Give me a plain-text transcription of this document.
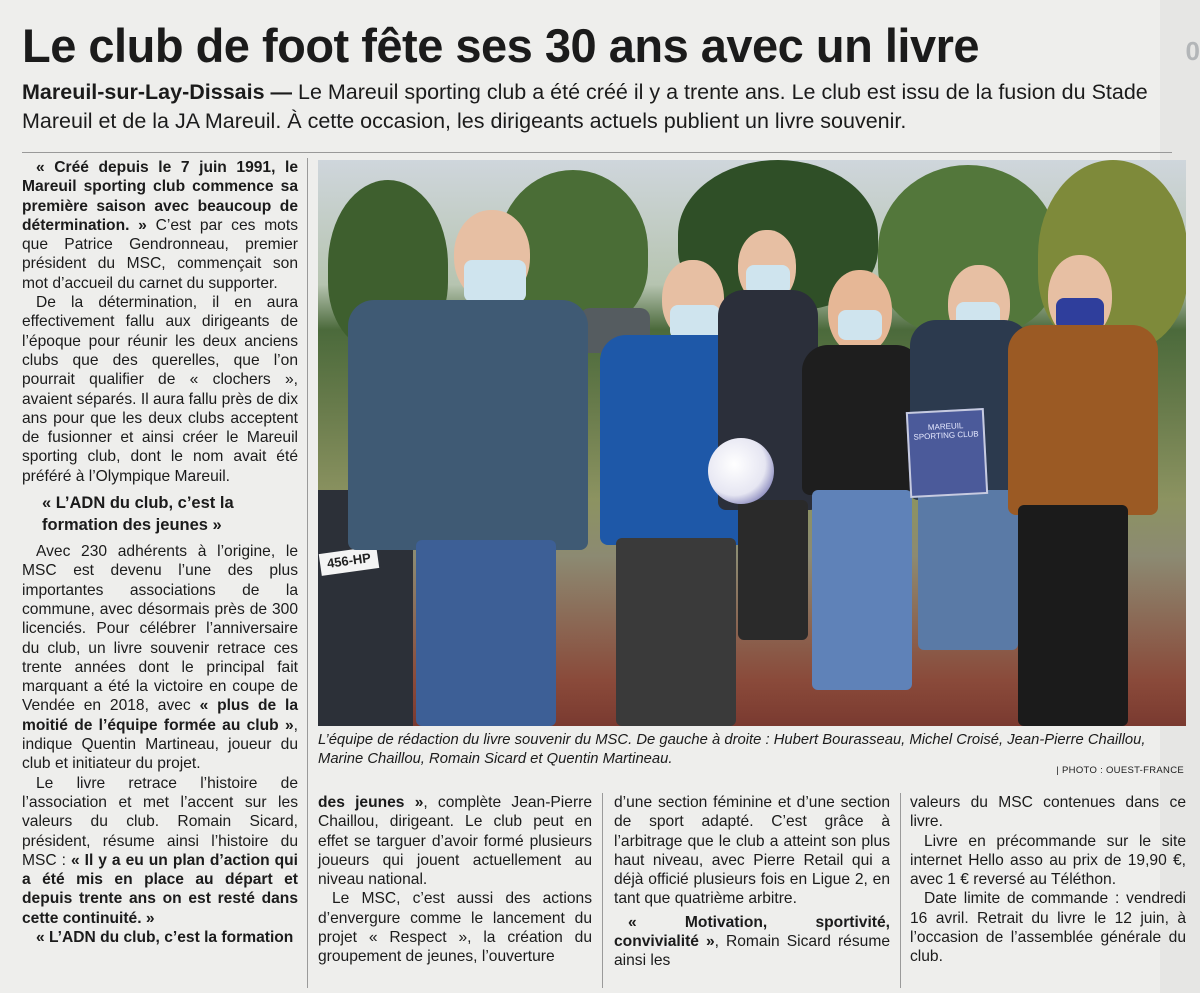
0
Le club de foot fête ses 30 ans avec un livre

Mareuil-sur-Lay-Dissais — Le Mareuil sporting club a été créé il y a trente ans. Le club est issu de la fusion du Stade Mareuil et de la JA Mareuil. À cette occasion, les dirigeants actuels publient un livre souvenir.

« Créé depuis le 7 juin 1991, le Mareuil sporting club commence sa première saison avec beaucoup de détermination. » C’est par ces mots que Patrice Gendronneau, premier président du MSC, commençait son mot d’accueil du carnet du supporter.

De la détermination, il en aura effectivement fallu aux dirigeants de l’époque pour réunir les deux anciens clubs que des querelles, que l’on pourrait qualifier de « clochers », avaient séparés. Il aura fallu près de dix ans pour que les deux clubs acceptent de fusionner et ainsi créer le Mareuil sporting club, dont le nom avait été préféré à l’Olympique Mareuil.

« L’ADN du club, c’est la formation des jeunes »

Avec 230 adhérents à l’origine, le MSC est devenu l’une des plus importantes associations de la commune, avec désormais près de 300 licenciés. Pour célébrer l’anniversaire du club, un livre souvenir retrace ces trente années dont le principal fait marquant a été la victoire en coupe de Vendée en 2018, avec « plus de la moitié de l’équipe formée au club », indique Quentin Martineau, joueur du club et initiateur du projet.

Le livre retrace l’histoire de l’association et met l’accent sur les valeurs du club. Romain Sicard, président, résume ainsi l’histoire du MSC : « Il y a eu un plan d’action qui a été mis en place au départ et depuis trente ans on est resté dans cette continuité. »

« L’ADN du club, c’est la formation

456-HP
MAREUIL SPORTING CLUB

L’équipe de rédaction du livre souvenir du MSC. De gauche à droite : Hubert Bourasseau, Michel Croisé, Jean-Pierre Chaillou, Marine Chaillou, Romain Sicard et Quentin Martineau.

| PHOTO : OUEST-FRANCE

des jeunes », complète Jean-Pierre Chaillou, dirigeant. Le club peut en effet se targuer d’avoir formé plusieurs joueurs qui jouent actuellement au niveau national.

Le MSC, c’est aussi des actions d’envergure comme le lancement du projet « Respect », la création du groupement de jeunes, l’ouverture

d’une section féminine et d’une section de sport adapté. C’est grâce à l’arbitrage que le club a atteint son plus haut niveau, avec Pierre Retail qui a déjà officié plusieurs fois en Ligue 2, en tant que quatrième arbitre.

« Motivation, sportivité, convivialité », Romain Sicard résume ainsi les

valeurs du MSC contenues dans ce livre.

Livre en précommande sur le site internet Hello asso au prix de 19,90 €, avec 1 € reversé au Téléthon.

Date limite de commande : vendredi 16 avril. Retrait du livre le 12 juin, à l’occasion de l’assemblée générale du club.
